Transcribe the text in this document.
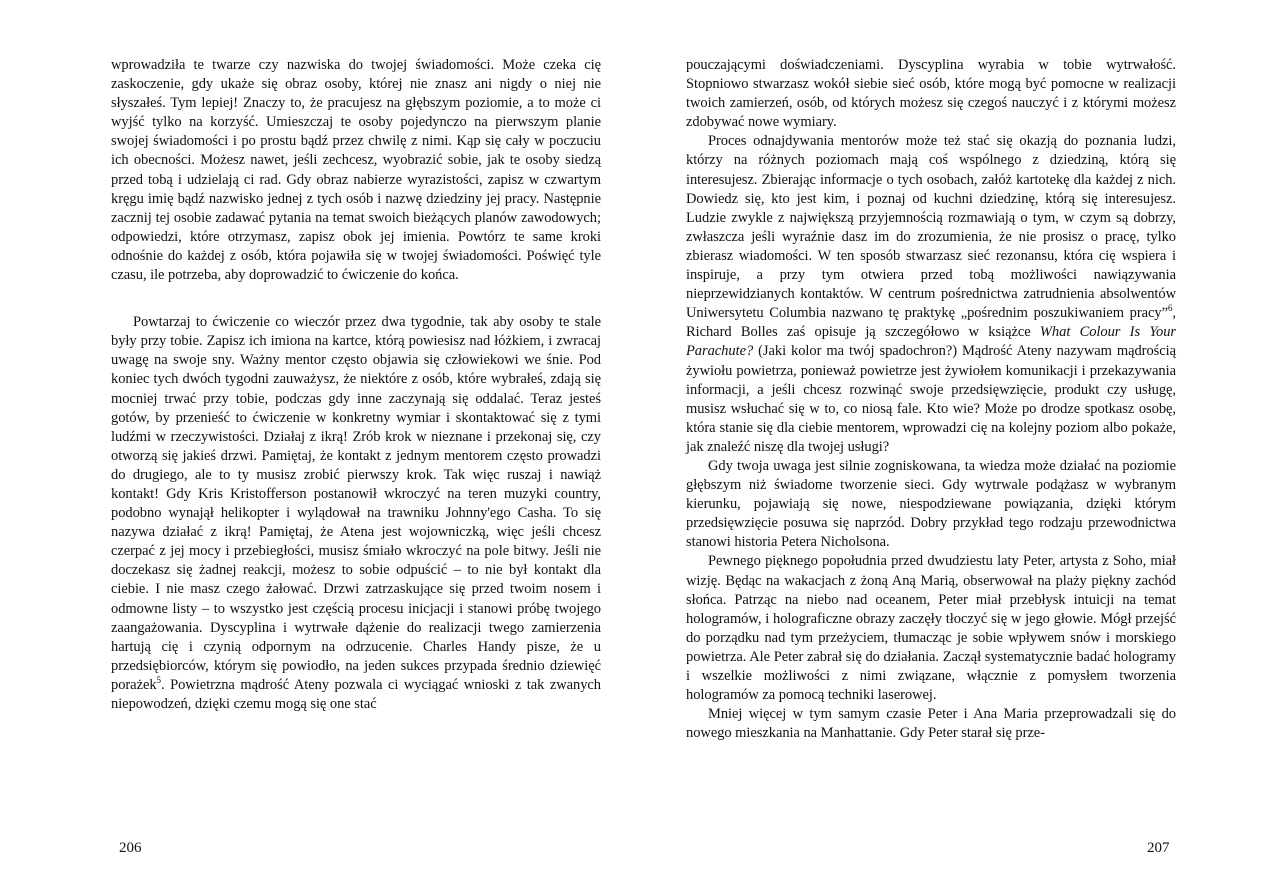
wprowadziła te twarze czy nazwiska do twojej świadomości. Może czeka cię zaskoczenie, gdy ukaże się obraz osoby, której nie znasz ani nigdy o niej nie słyszałeś. Tym lepiej! Znaczy to, że pracujesz na głębszym poziomie, a to może ci wyjść tylko na korzyść. Umieszczaj te osoby pojedynczo na pierwszym planie swojej świadomości i po prostu bądź przez chwilę z nimi. Kąp się cały w poczuciu ich obecności. Możesz nawet, jeśli zechcesz, wyobrazić sobie, jak te osoby siedzą przed tobą i udzielają ci rad. Gdy obraz nabierze wyrazistości, zapisz w czwartym kręgu imię bądź nazwisko jednej z tych osób i nazwę dziedziny jej pracy. Następnie zacznij tej osobie zadawać pytania na temat swoich bieżących planów zawodowych; odpowiedzi, które otrzymasz, zapisz obok jej imienia. Powtórz te same kroki odnośnie do każdej z osób, która pojawiła się w twojej świadomości. Poświęć tyle czasu, ile potrzeba, aby doprowadzić to ćwiczenie do końca.

Powtarzaj to ćwiczenie co wieczór przez dwa tygodnie, tak aby osoby te stale były przy tobie. Zapisz ich imiona na kartce, którą powiesisz nad łóżkiem, i zwracaj uwagę na swoje sny. Ważny mentor często objawia się człowiekowi we śnie. Pod koniec tych dwóch tygodni zauważysz, że niektóre z osób, które wybrałeś, zdają się mocniej trwać przy tobie, podczas gdy inne zaczynają się oddalać. Teraz jesteś gotów, by przenieść to ćwiczenie w konkretny wymiar i skontaktować się z tymi ludźmi w rzeczywistości. Działaj z ikrą! Zrób krok w nieznane i przekonaj się, czy otworzą się jakieś drzwi. Pamiętaj, że kontakt z jednym mentorem często prowadzi do drugiego, ale to ty musisz zrobić pierwszy krok. Tak więc ruszaj i nawiąż kontakt! Gdy Kris Kristofferson postanowił wkroczyć na teren muzyki country, podobno wynajął helikopter i wylądował na trawniku Johnny'ego Casha. To się nazywa działać z ikrą! Pamiętaj, że Atena jest wojowniczką, więc jeśli chcesz czerpać z jej mocy i przebiegłości, musisz śmiało wkroczyć na pole bitwy. Jeśli nie doczekasz się żadnej reakcji, możesz to sobie odpuścić – to nie był kontakt dla ciebie. I nie masz czego żałować. Drzwi zatrzaskujące się przed twoim nosem i odmowne listy – to wszystko jest częścią procesu inicjacji i stanowi próbę twojego zaangażowania. Dyscyplina i wytrwałe dążenie do realizacji twego zamierzenia hartują cię i czynią odpornym na odrzucenie. Charles Handy pisze, że u przedsiębiorców, którym się powiodło, na jeden sukces przypada średnio dziewięć porażek$^5$. Powietrzna mądrość Ateny pozwala ci wyciągać wnioski z tak zwanych niepowodzeń, dzięki czemu mogą się one stać

pouczającymi doświadczeniami. Dyscyplina wyrabia w tobie wytrwałość. Stopniowo stwarzasz wokół siebie sieć osób, które mogą być pomocne w realizacji twoich zamierzeń, osób, od których możesz się czegoś nauczyć i z którymi możesz zdobywać nowe wymiary.

Proces odnajdywania mentorów może też stać się okazją do poznania ludzi, którzy na różnych poziomach mają coś wspólnego z dziedziną, którą się interesujesz. Zbierając informacje o tych osobach, załóż kartotekę dla każdej z nich. Dowiedz się, kto jest kim, i poznaj od kuchni dziedzinę, którą się interesujesz. Ludzie zwykle z największą przyjemnością rozmawiają o tym, w czym są dobrzy, zwłaszcza jeśli wyraźnie dasz im do zrozumienia, że nie prosisz o pracę, tylko zbierasz wiadomości. W ten sposób stwarzasz sieć rezonansu, która cię wspiera i inspiruje, a przy tym otwiera przed tobą możliwości nawiązywania nieprzewidzianych kontaktów. W centrum pośrednictwa zatrudnienia absolwentów Uniwersytetu Columbia nazwano tę praktykę „pośrednim poszukiwaniem pracy”$^6$, Richard Bolles zaś opisuje ją szczegółowo w książce What Colour Is Your Parachute? (Jaki kolor ma twój spadochron?) Mądrość Ateny nazywam mądrością żywiołu powietrza, ponieważ powietrze jest żywiołem komunikacji i przekazywania informacji, a jeśli chcesz rozwinąć swoje przedsięwzięcie, produkt czy usługę, musisz wsłuchać się w to, co niosą fale. Kto wie? Może po drodze spotkasz osobę, która stanie się dla ciebie mentorem, wprowadzi cię na kolejny poziom albo pokaże, jak znaleźć niszę dla twojej usługi?

Gdy twoja uwaga jest silnie zogniskowana, ta wiedza może działać na poziomie głębszym niż świadome tworzenie sieci. Gdy wytrwale podążasz w wybranym kierunku, pojawiają się nowe, niespodziewane powiązania, dzięki którym przedsięwzięcie posuwa się naprzód. Dobry przykład tego rodzaju przewodnictwa stanowi historia Petera Nicholsona.

Pewnego pięknego popołudnia przed dwudziestu laty Peter, artysta z Soho, miał wizję. Będąc na wakacjach z żoną Aną Marią, obserwował na plaży piękny zachód słońca. Patrząc na niebo nad oceanem, Peter miał przebłysk intuicji na temat hologramów, i holograficzne obrazy zaczęły tłoczyć się w jego głowie. Mógł przejść do porządku nad tym przeżyciem, tłumacząc je sobie wpływem snów i morskiego powietrza. Ale Peter zabrał się do działania. Zaczął systematycznie badać hologramy i wszelkie możliwości z nimi związane, włącznie z pomysłem tworzenia hologramów za pomocą techniki laserowej.

Mniej więcej w tym samym czasie Peter i Ana Maria przeprowadzali się do nowego mieszkania na Manhattanie. Gdy Peter starał się prze-

206	207
